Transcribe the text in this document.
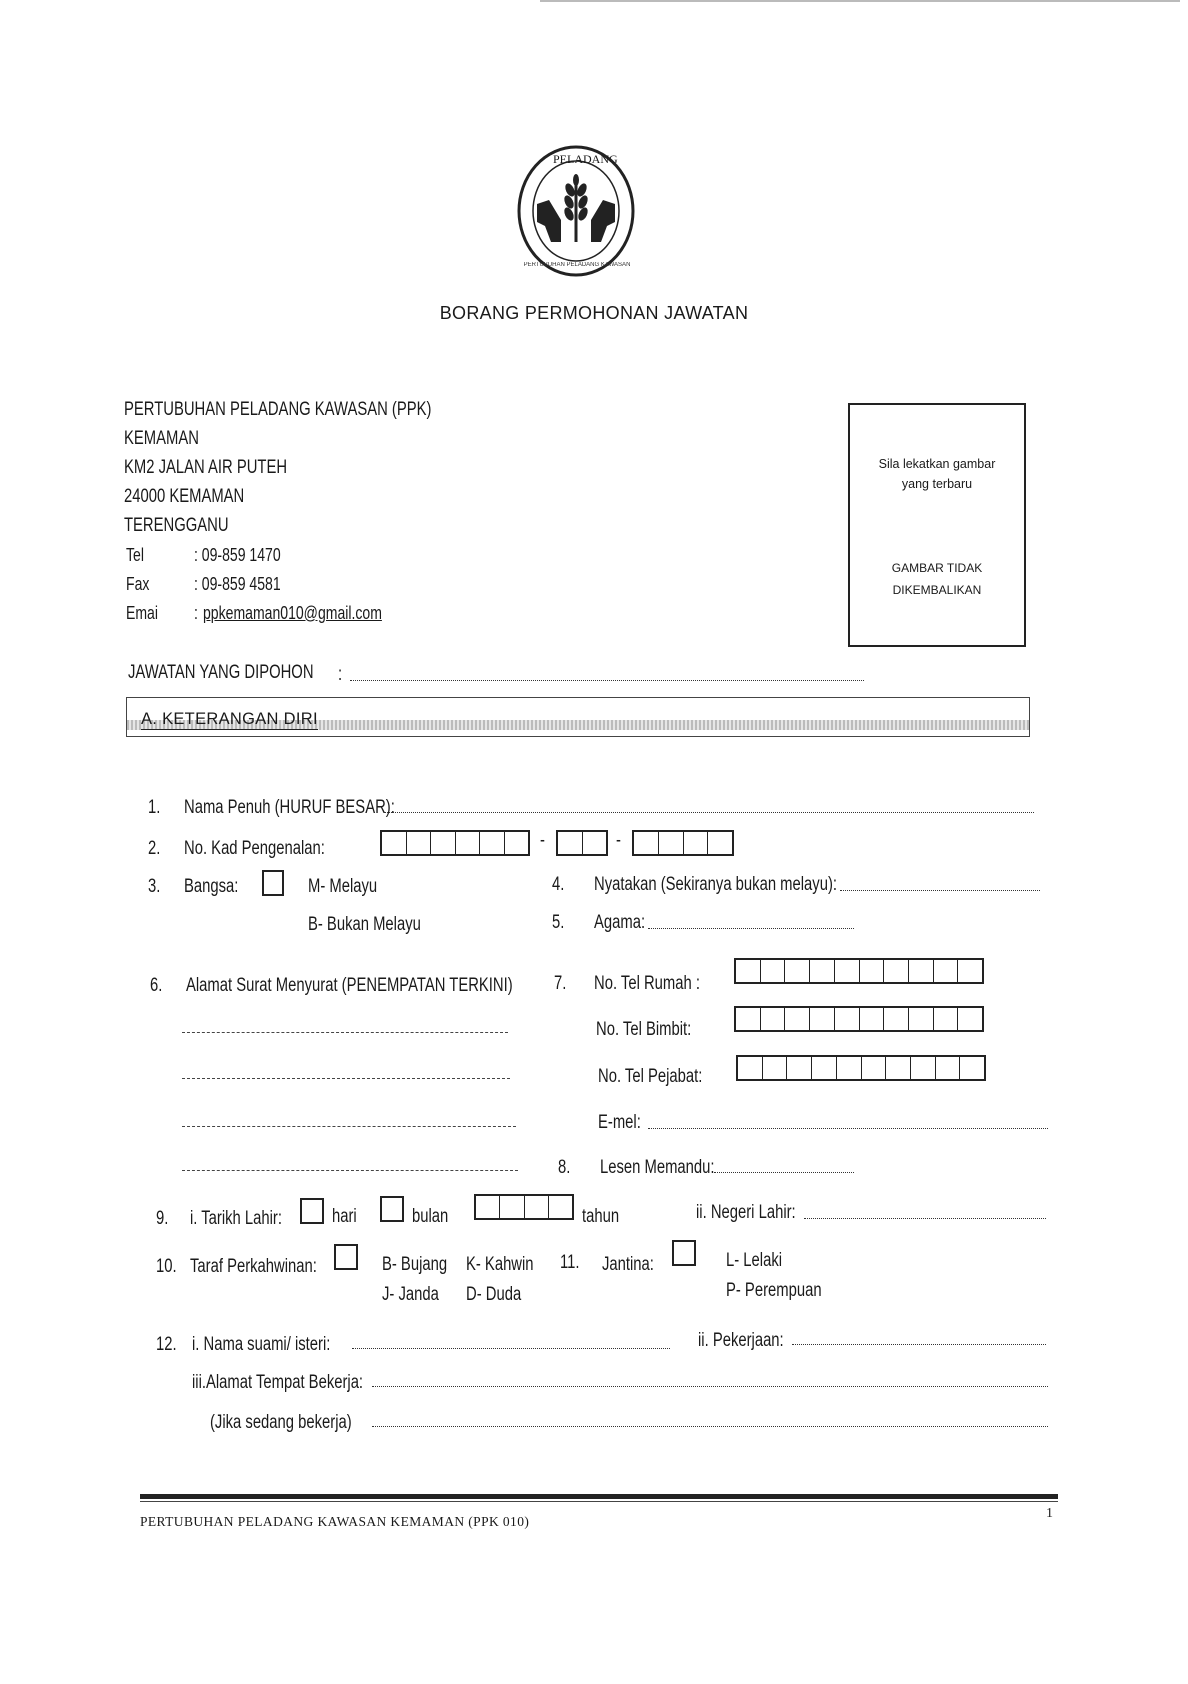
PELADANG
PERTUBUHAN PELADANG KAWASAN
BORANG PERMOHONAN JAWATAN
PERTUBUHAN PELADANG KAWASAN (PPK)
KEMAMAN
KM2 JALAN AIR PUTEH
24000 KEMAMAN
TERENGGANU
Tel	: 09-859 1470
Fax : 09-859 4581
Emai : ppkemaman010@gmail.com
Sila lekatkan gambar
yang terbaru
GAMBAR TIDAK
DIKEMBALIKAN
JAWATAN YANG DIPOHON :
A. KETERANGAN DIRI
1. Nama Penuh (HURUF BESAR):
2. No. Kad Pengenalan:	-	-
3. Bangsa:	M- Melayu
B- Bukan Melayu
4. Nyatakan (Sekiranya bukan melayu):
5. Agama:
6. Alamat Surat Menyurat (PENEMPATAN TERKINI) 7. No. Tel Rumah :
No. Tel Bimbit:
No. Tel Pejabat:
E-mel:
8. Lesen Memandu:
9. i. Tarikh Lahir:	hari	bulan	tahun	ii. Negeri Lahir:
10. Taraf Perkahwinan:	B- Bujang K- Kahwin
J- Janda D- Duda
11. Jantina:	L- Lelaki
P- Perempuan
12. i. Nama suami/ isteri:	ii. Pekerjaan:
iii.Alamat Tempat Bekerja:
(Jika sedang bekerja)
PERTUBUHAN PELADANG KAWASAN KEMAMAN (PPK 010)
1
